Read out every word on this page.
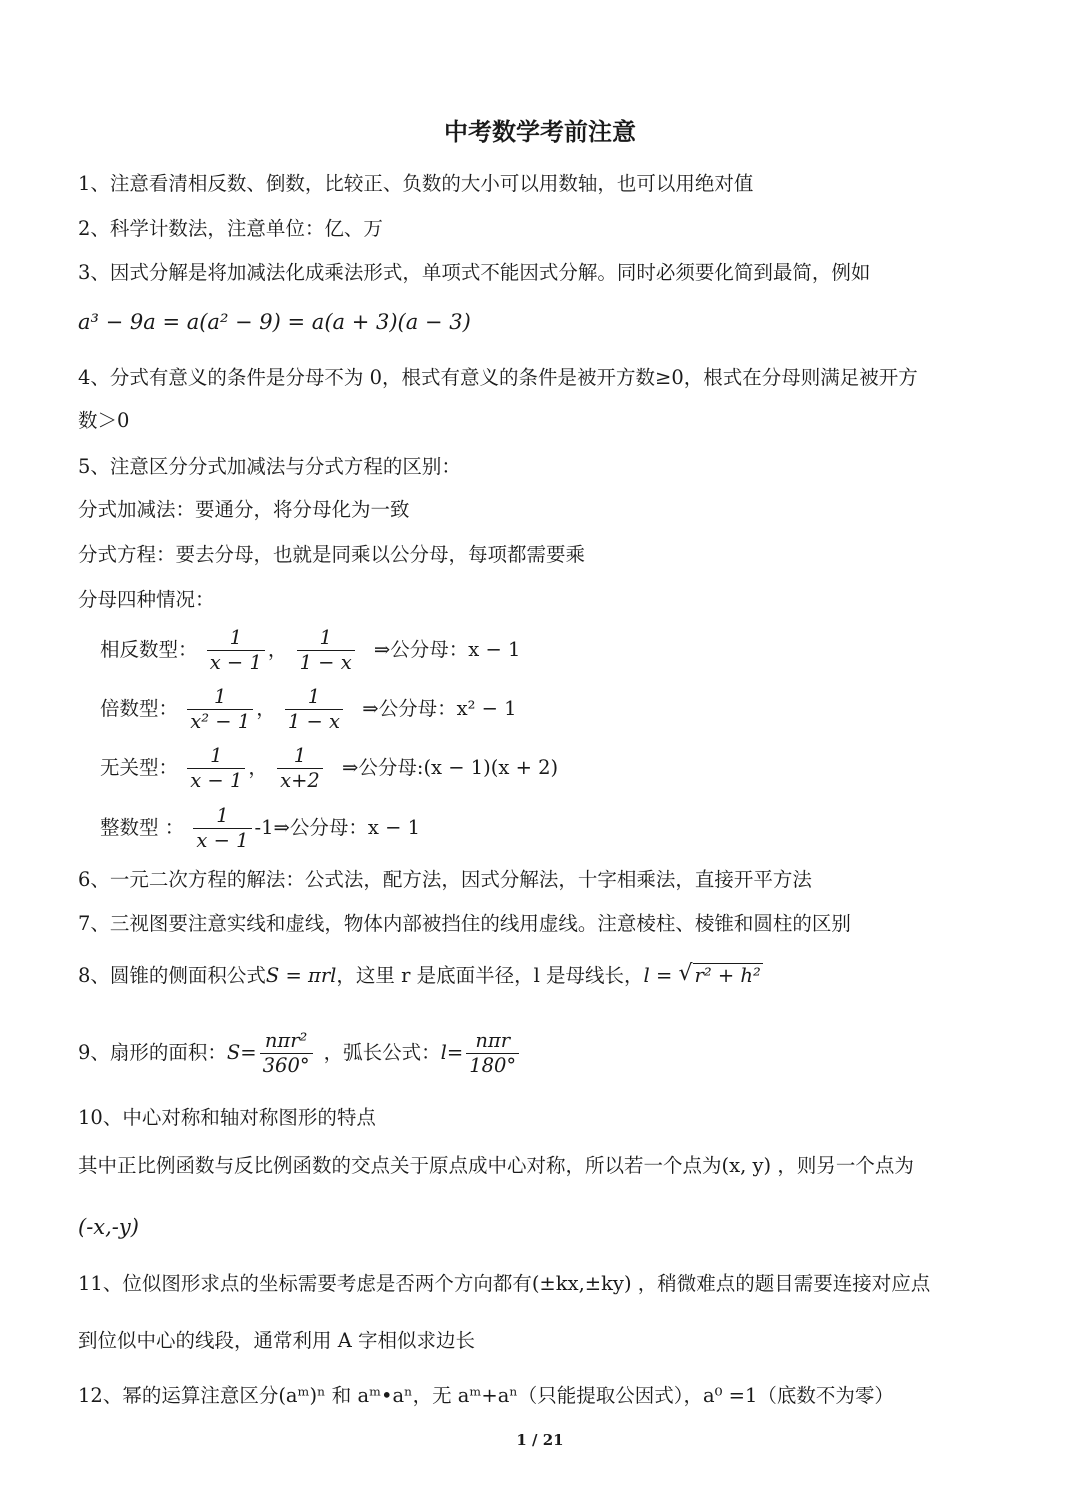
中考数学考前注意
1、注意看清相反数、倒数，比较正、负数的大小可以用数轴，也可以用绝对值
2、科学计数法，注意单位：亿、万
3、因式分解是将加减法化成乘法形式，单项式不能因式分解。同时必须要化简到最简，例如
a³ − 9a = a(a² − 9) = a(a + 3)(a − 3)
4、分式有意义的条件是分母不为 0，根式有意义的条件是被开方数≥0，根式在分母则满足被开方
数＞0
5、注意区分分式加减法与分式方程的区别：
分式加减法：要通分，将分母化为一致
分式方程：要去分母，也就是同乘以公分母，每项都需要乘
分母四种情况：
相反数型： $\frac{1}{x - 1}$ ， $\frac{1}{1 - x}$ ⇒公分母：x − 1
倍数型： $\frac{1}{\text{x² − 1}}$ ， $\frac{1}{1 - x}$ ⇒公分母：x² − 1
无关型： $\frac{1}{x - 1}$ ， $\frac{1}{x+2}$ ⇒公分母:(x − 1)(x + 2)
整数型 ： $\frac{1}{x - 1}$ -1⇒公分母：x − 1
6、一元二次方程的解法：公式法，配方法，因式分解法，十字相乘法，直接开平方法
7、三视图要注意实线和虚线，物体内部被挡住的线用虚线。注意棱柱、棱锥和圆柱的区别
8、圆锥的侧面积公式S = πrl，这里 r 是底面半径，l 是母线长，l = √ r² + h²
9、扇形的面积：$S= \frac{\text{nπr²}}{360^\circ}$ ，弧长公式：$l= \frac{\text{nπr}}{180^\circ}$
10、中心对称和轴对称图形的特点
其中正比例函数与反比例函数的交点关于原点成中心对称，所以若一个点为(x, y) ，则另一个点为
(-x,-y)
11、位似图形求点的坐标需要考虑是否两个方向都有(±kx,±ky) ，稍微难点的题目需要连接对应点
到位似中心的线段，通常利用 A 字相似求边长
12、幂的运算注意区分(aᵐ)ⁿ 和 aᵐ•aⁿ，无 aᵐ+aⁿ（只能提取公因式），a⁰ =1（底数不为零）
1 / 21
